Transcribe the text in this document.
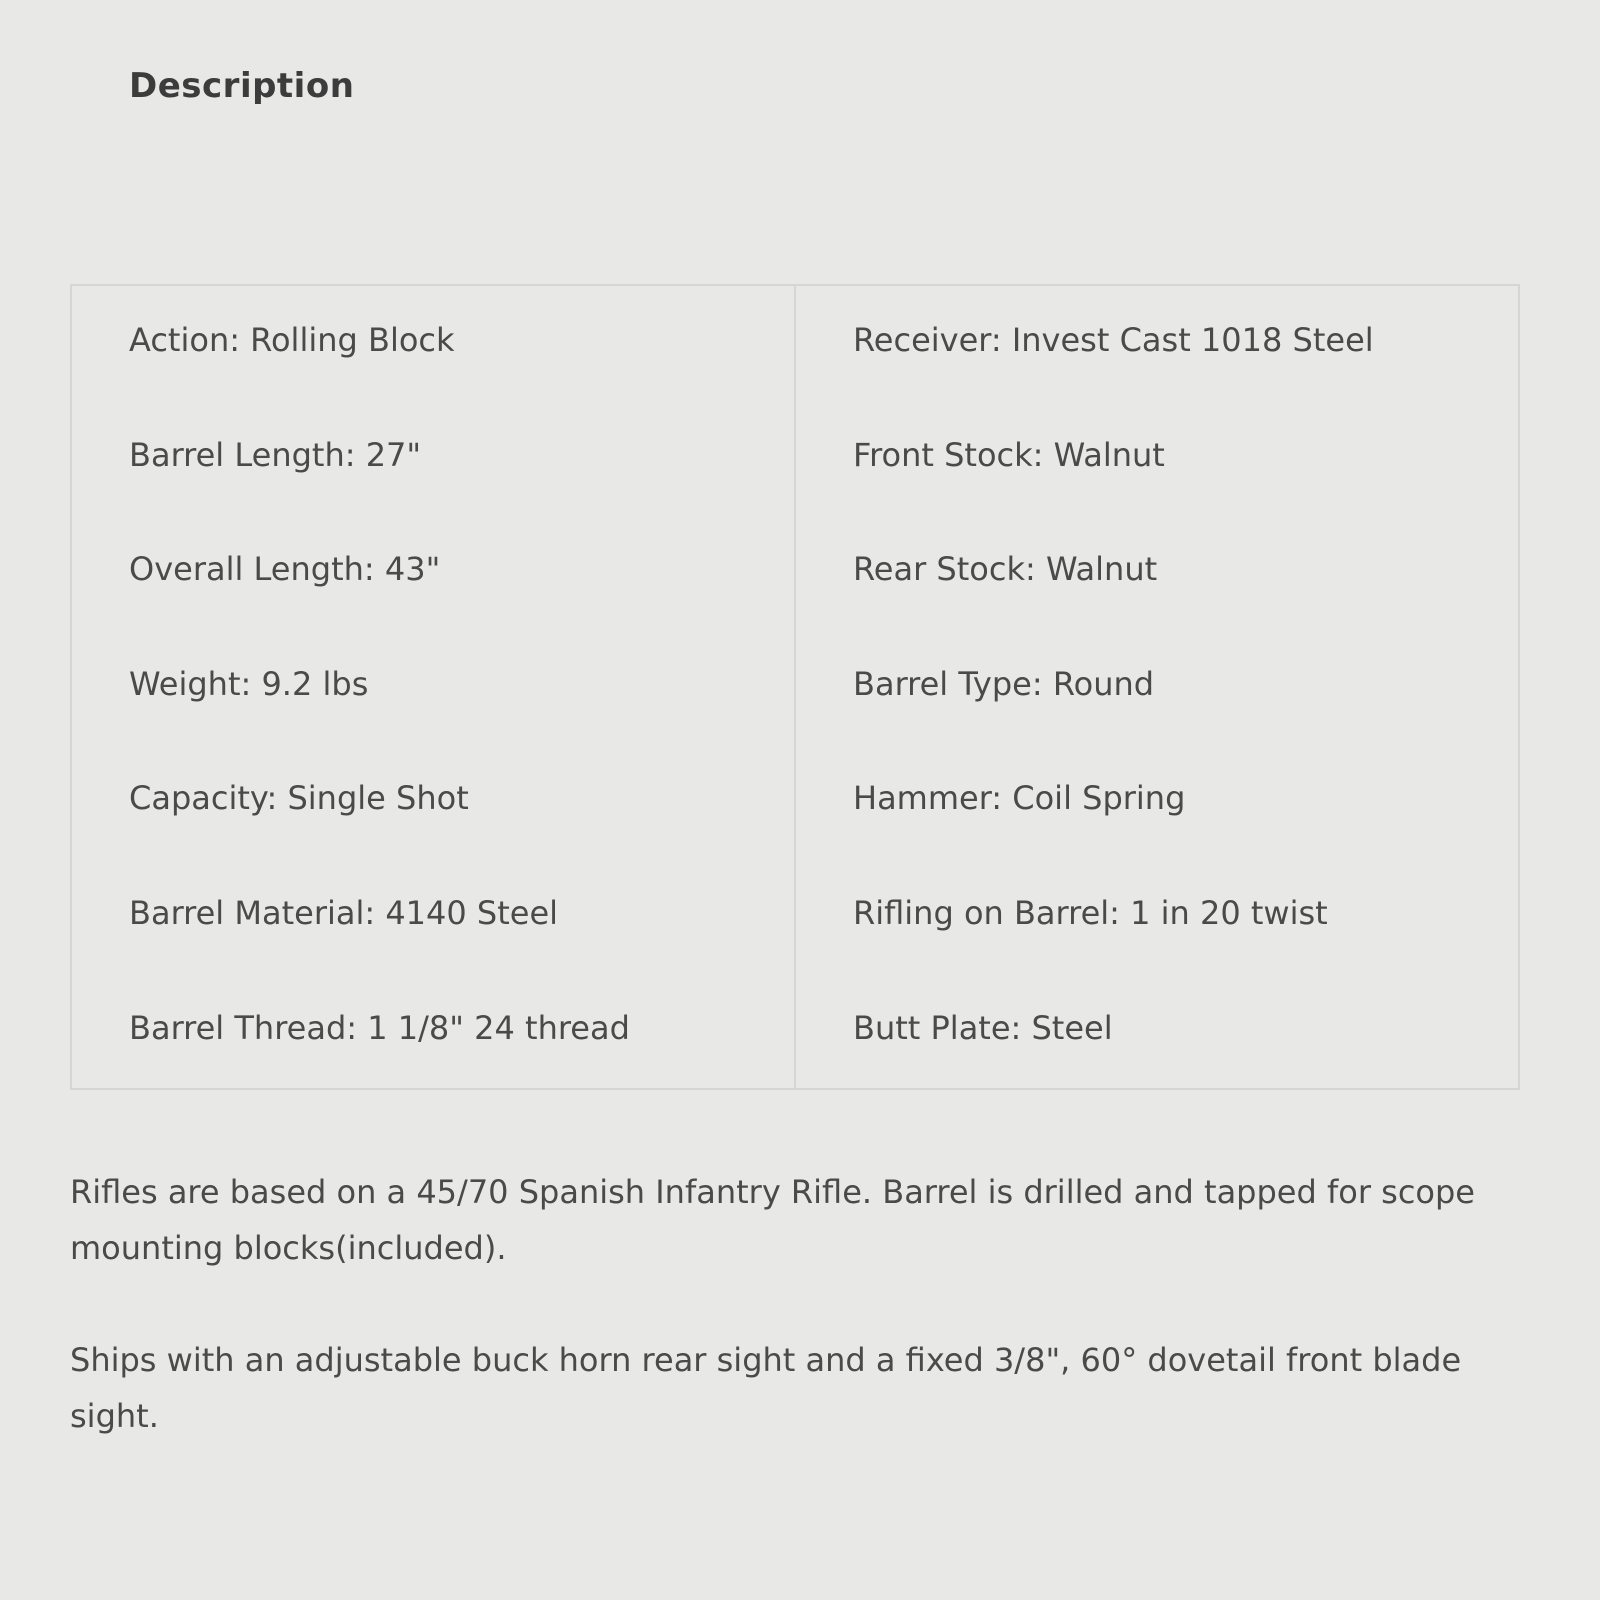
Description
Action: Rolling Block
Barrel Length: 27"
Overall Length: 43"
Weight: 9.2 lbs
Capacity: Single Shot
Barrel Material: 4140 Steel
Barrel Thread: 1 1/8" 24 thread
Receiver: Invest Cast 1018 Steel
Front Stock: Walnut
Rear Stock: Walnut
Barrel Type: Round
Hammer: Coil Spring
Rifling on Barrel: 1 in 20 twist
Butt Plate: Steel

Rifles are based on a 45/70 Spanish Infantry Rifle. Barrel is drilled and tapped for scope mounting blocks(included).

Ships with an adjustable buck horn rear sight and a fixed 3/8", 60° dovetail front blade sight.
